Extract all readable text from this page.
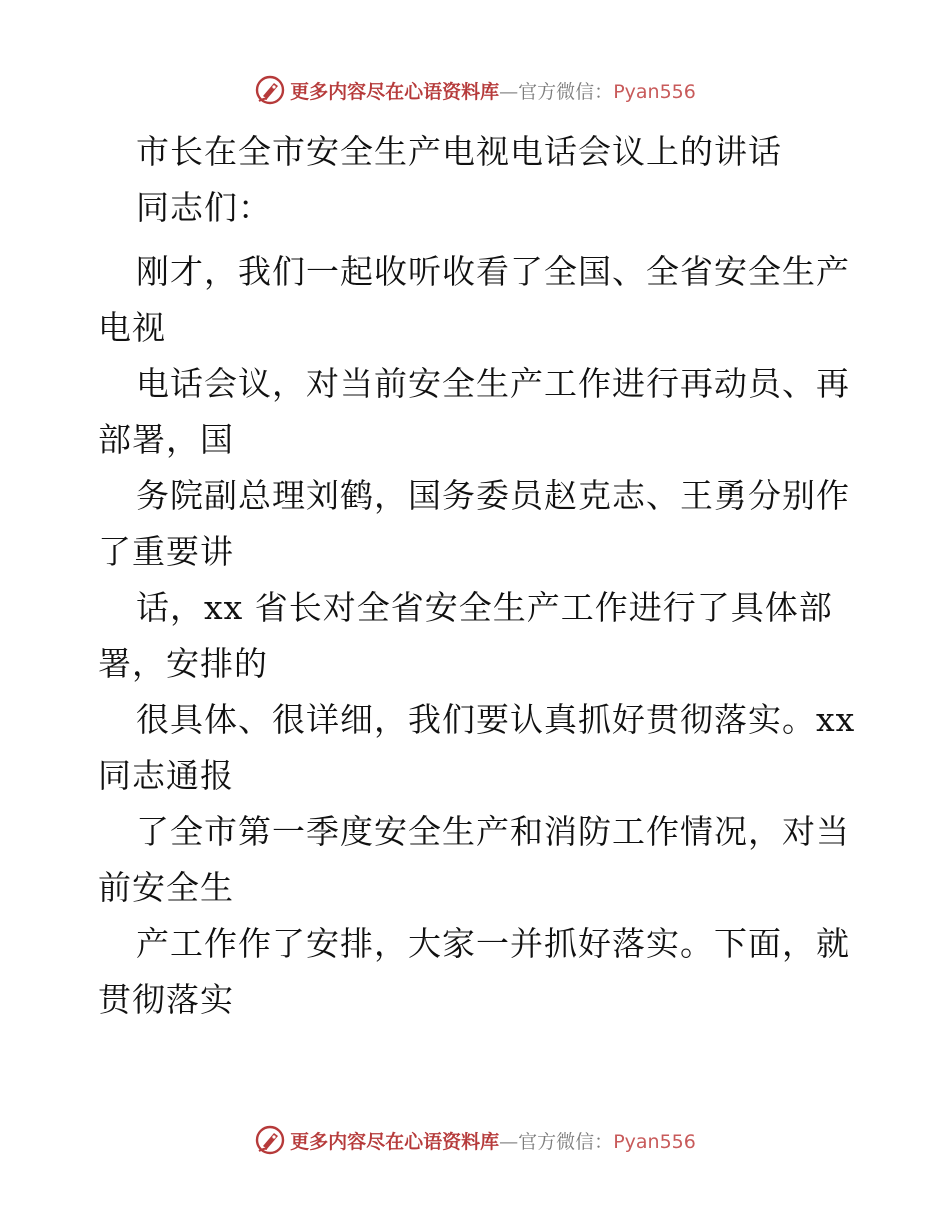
更多内容尽在心语资料库—官方微信：Pyan556
市长在全市安全生产电视电话会议上的讲话
同志们：
刚才，我们一起收听收看了全国、全省安全生产
电视
电话会议，对当前安全生产工作进行再动员、再
部署，国
务院副总理刘鹤，国务委员赵克志、王勇分别作
了重要讲
话，xx 省长对全省安全生产工作进行了具体部
署，安排的
很具体、很详细，我们要认真抓好贯彻落实。xx
同志通报
了全市第一季度安全生产和消防工作情况，对当
前安全生
产工作作了安排，大家一并抓好落实。下面，就
贯彻落实
更多内容尽在心语资料库—官方微信：Pyan556
